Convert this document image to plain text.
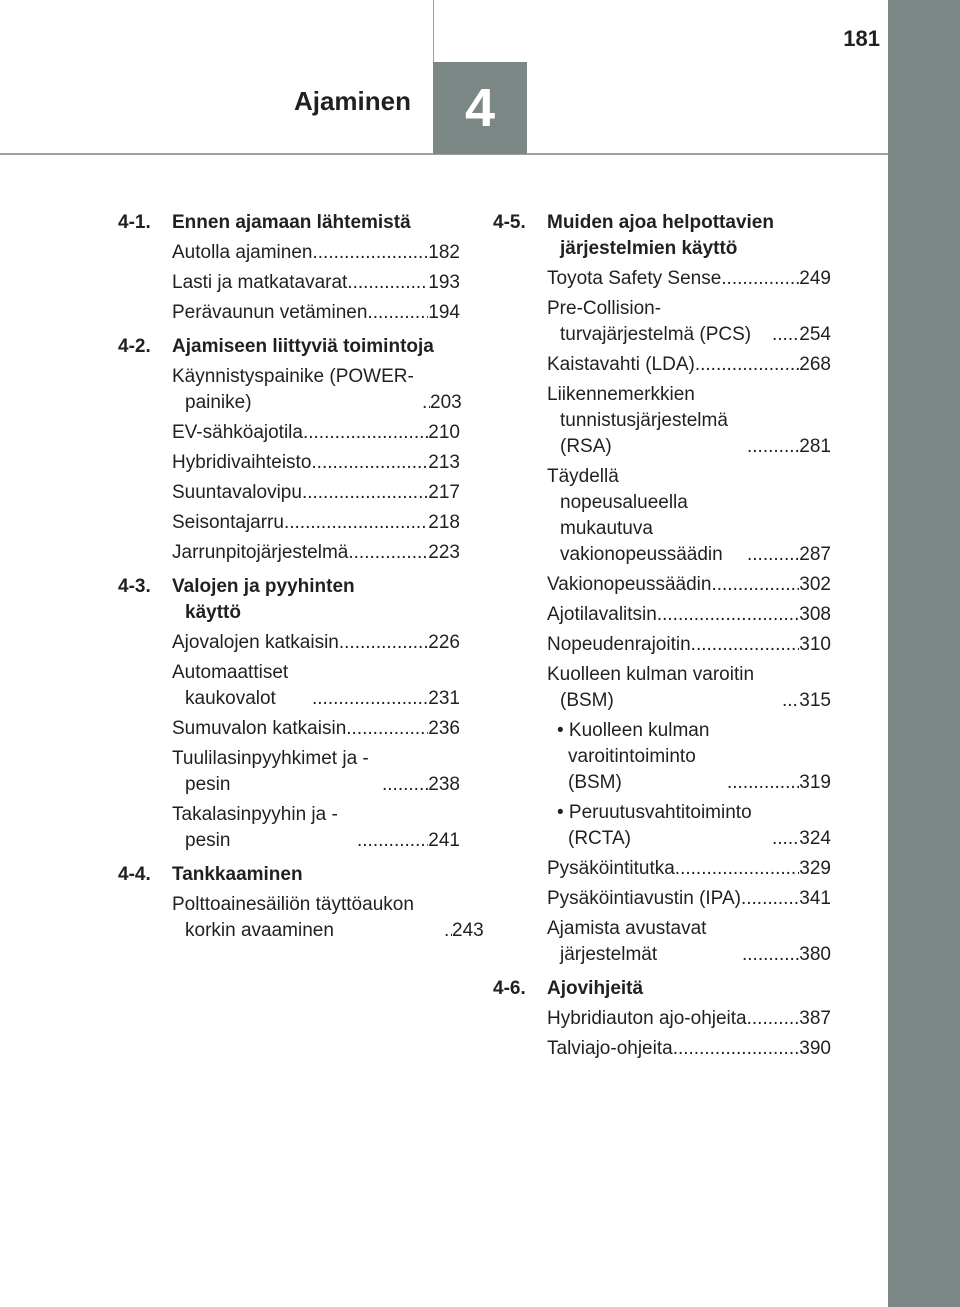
181
4
Ajaminen
4-1.	Ennen ajamaan lähtemistä
Autolla ajaminen .....	182
Lasti ja matkatavarat .....	193
Perävaunun vetäminen .....	194
4-2.	Ajamiseen liittyviä toimintoja
Käynnistyspainike (POWER-painike) .....	203
EV-sähköajotila .....	210
Hybridivaihteisto .....	213
Suuntavalovipu .....	217
Seisontajarru .....	218
Jarrunpitojärjestelmä .....	223
4-3.	Valojen ja pyyhinten käyttö
Ajovalojen katkaisin .....	226
Automaattiset kaukovalot .....	231
Sumuvalon katkaisin .....	236
Tuulilasinpyyhkimet ja -pesin .....	238
Takalasinpyyhin ja -pesin .....	241
4-4.	Tankkaaminen
Polttoainesäiliön täyttöaukon korkin avaaminen .....	243
4-5.	Muiden ajoa helpottavien järjestelmien käyttö
Toyota Safety Sense .....	249
Pre-Collision-turvajärjestelmä (PCS) .....	254
Kaistavahti (LDA) .....	268
Liikennemerkkien tunnistusjärjestelmä (RSA) .....	281
Täydellä nopeusalueella mukautuva vakionopeussäädin .....	287
Vakionopeussäädin .....	302
Ajotilavalitsin .....	308
Nopeudenrajoitin .....	310
Kuolleen kulman varoitin (BSM) .....	315
• Kuolleen kulman varoitintoiminto (BSM) .....	319
• Peruutusvahtitoiminto (RCTA) .....	324
Pysäköintitutka .....	329
Pysäköintiavustin (IPA) .....	341
Ajamista avustavat järjestelmät .....	380
4-6.	Ajovihjeitä
Hybridiauton ajo-ohjeita .....	387
Talviajo-ohjeita .....	390
